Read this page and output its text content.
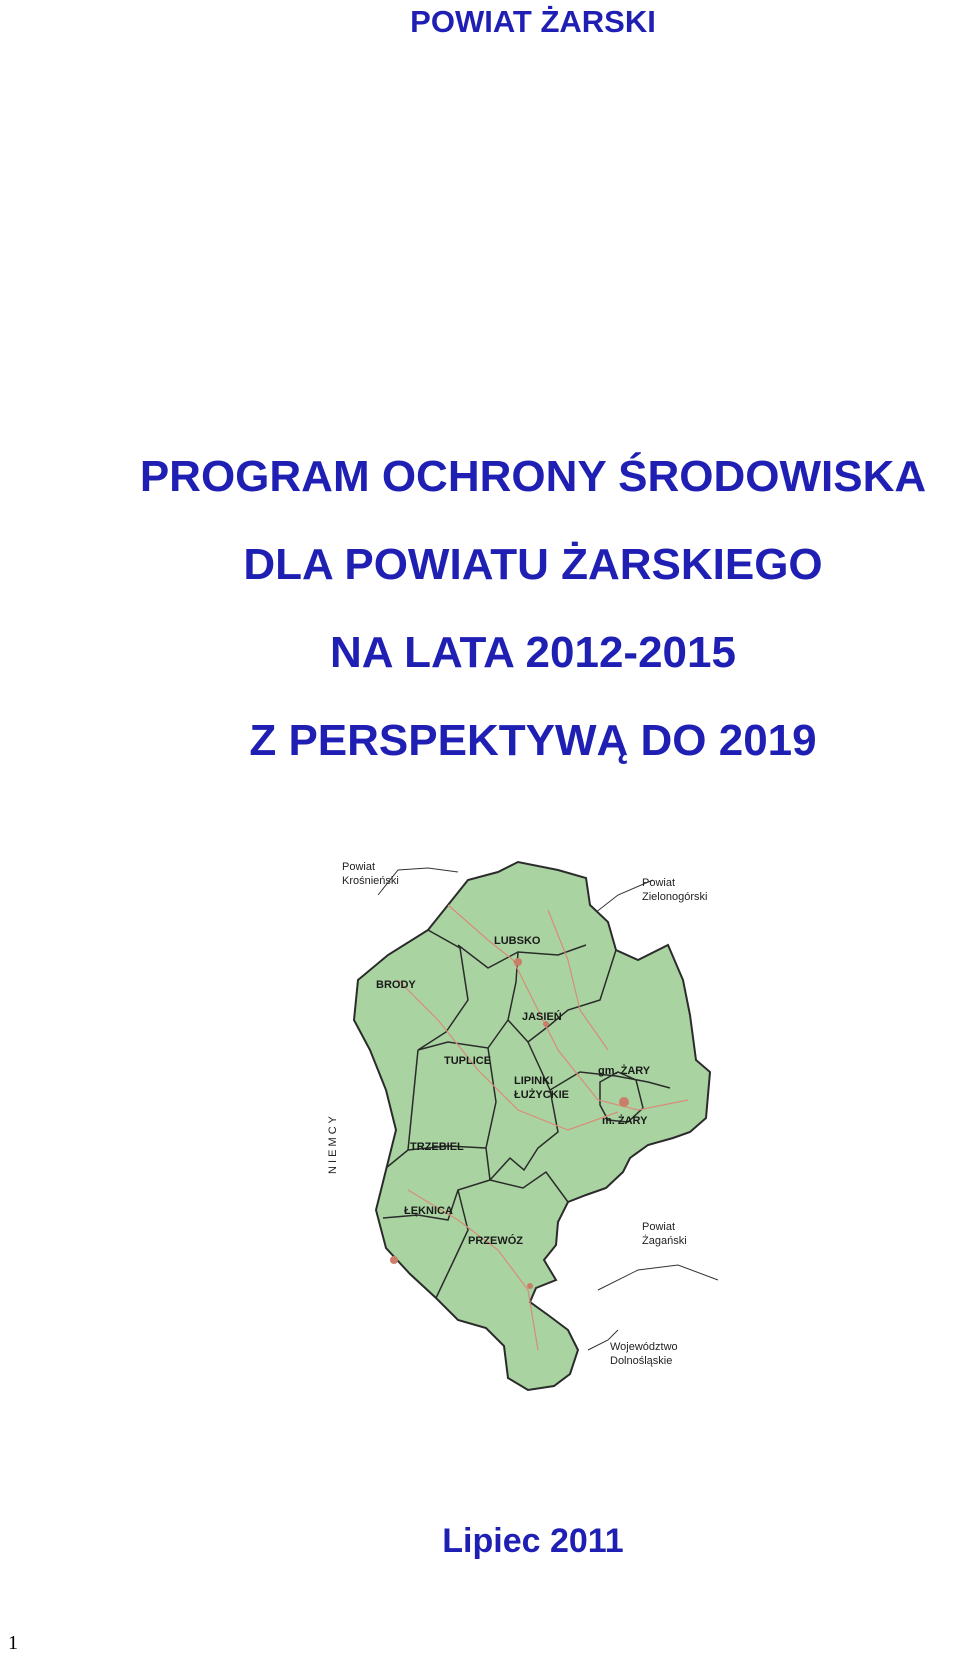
POWIAT ŻARSKI
PROGRAM OCHRONY ŚRODOWISKA
DLA POWIATU ŻARSKIEGO
NA LATA 2012-2015
Z PERSPEKTYWĄ DO 2019
LUBSKO
BRODY
JASIEŃ
TUPLICE
LIPINKI
ŁUŻYCKIE
gm. ŻARY
m. ŻARY
TRZEBIEL
ŁĘKNICA
PRZEWÓZ
Powiat
Krośnieński	Powiat
Zielonogórski
Powiat
Żagański
Województwo
Dolnośląskie
N I E M C Y
Lipiec 2011
1
